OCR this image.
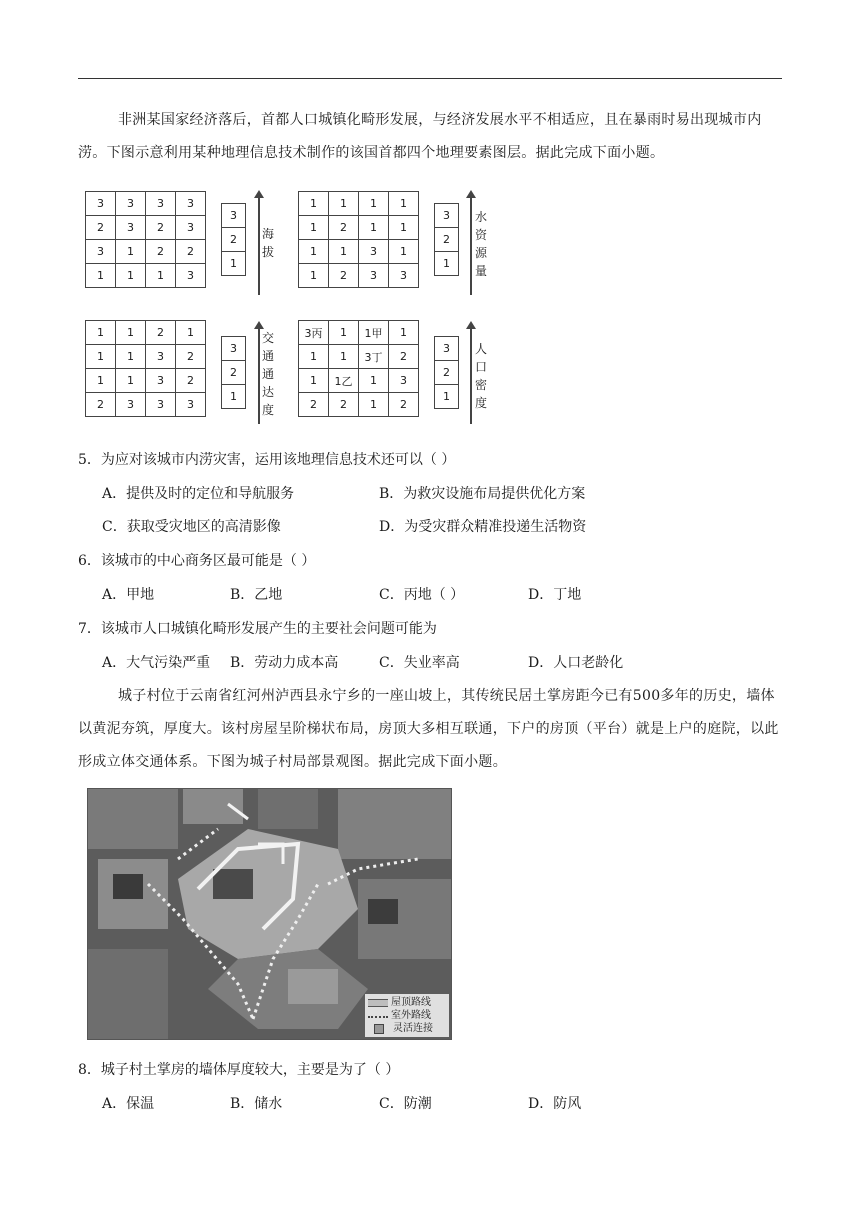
非洲某国家经济落后，首都人口城镇化畸形发展，与经济发展水平不相适应，且在暴雨时易出现城市内涝。下图示意利用某种地理信息技术制作的该国首都四个地理要素图层。据此完成下面小题。
3	3	3	3
2	3	2	3
3	1	2	2
1	1	1	3
3
2
1
海
拔
1	1	1	1
1	2	1	1
1	1	3	1
1	2	3	3
3
2
1
水
资
源
量
1	1	2	1
1	1	3	2
1	1	3	2
2	3	3	3
3
2
1
交
通
通
达
度
3丙	1	1甲	1
1	1	3丁	2
1	1乙	1	3
2	2	1	2
3
2
1
人
口
密
度
5．为应对该城市内涝灾害，运用该地理信息技术还可以（ ）
A．提供及时的定位和导航服务	B．为救灾设施布局提供优化方案
C．获取受灾地区的高清影像	D．为受灾群众精准投递生活物资
6．该城市的中心商务区最可能是（ ）
A．甲地	B．乙地	C．丙地（ ）	D．丁地
7．该城市人口城镇化畸形发展产生的主要社会问题可能为
A．大气污染严重 B．劳动力成本高	C．失业率高	D．人口老龄化
城子村位于云南省红河州泸西县永宁乡的一座山坡上，其传统民居土掌房距今已有500多年的历史，墙体以黄泥夯筑，厚度大。该村房屋呈阶梯状布局，房顶大多相互联通，下户的房顶（平台）就是上户的庭院，以此形成立体交通体系。下图为城子村局部景观图。据此完成下面小题。
屋顶路线
室外路线
灵活连接
8．城子村土掌房的墙体厚度较大，主要是为了（ ）
A．保温	B．储水	C．防潮	D．防风
